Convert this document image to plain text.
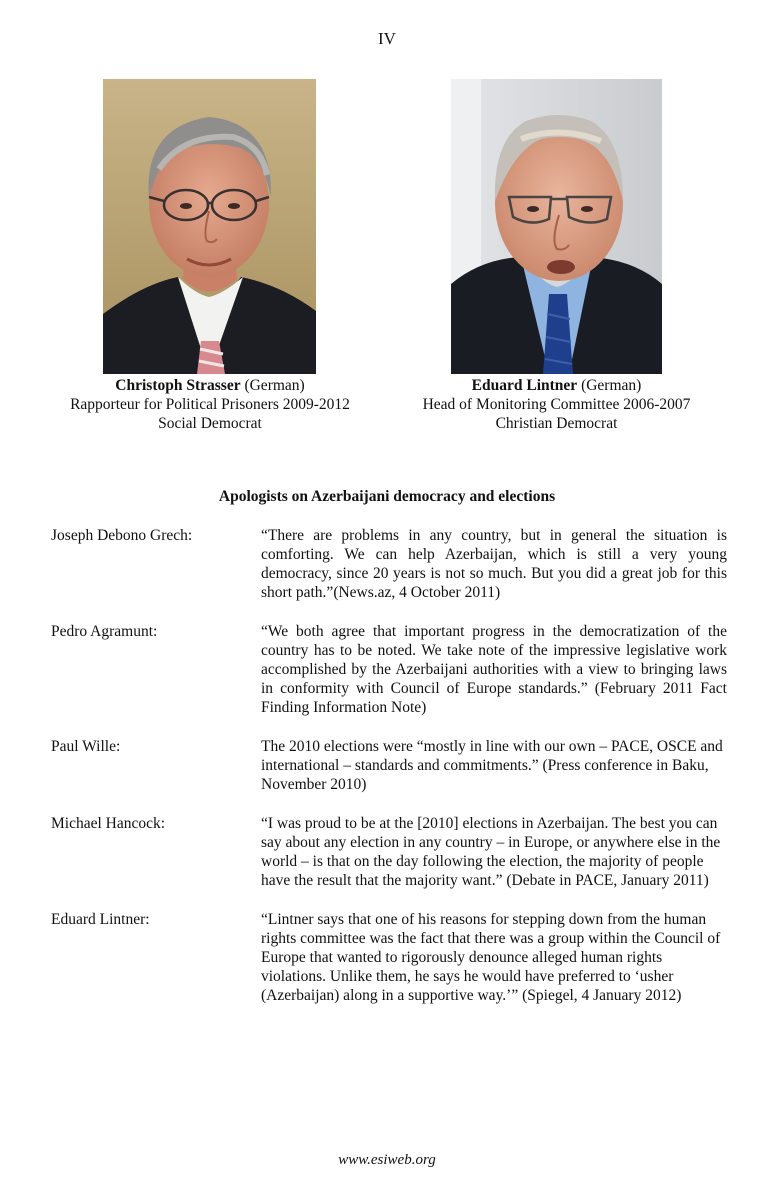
IV
Christoph Strasser (German)
Rapporteur for Political Prisoners 2009-2012
Social Democrat
Eduard Lintner (German)
Head of Monitoring Committee 2006-2007
Christian Democrat
Apologists on Azerbaijani democracy and elections
Joseph Debono Grech:	“There are problems in any country, but in general the situation is comforting. We can help Azerbaijan, which is still a very young democracy, since 20 years is not so much. But you did a great job for this short path.”(News.az, 4 October 2011)
Pedro Agramunt:	“We both agree that important progress in the democratization of the country has to be noted. We take note of the impressive legislative work accomplished by the Azerbaijani authorities with a view to bringing laws in conformity with Council of Europe standards.” (February 2011 Fact Finding Information Note)
Paul Wille:	The 2010 elections were “mostly in line with our own – PACE, OSCE and international – standards and commitments.” (Press conference in Baku, November 2010)
Michael Hancock:	“I was proud to be at the [2010] elections in Azerbaijan. The best you can say about any election in any country – in Europe, or anywhere else in the world – is that on the day following the election, the majority of people have the result that the majority want.” (Debate in PACE, January 2011)
Eduard Lintner:	“Lintner says that one of his reasons for stepping down from the human rights committee was the fact that there was a group within the Council of Europe that wanted to rigorously denounce alleged human rights violations. Unlike them, he says he would have preferred to ‘usher (Azerbaijan) along in a supportive way.’” (Spiegel, 4 January 2012)
www.esiweb.org
